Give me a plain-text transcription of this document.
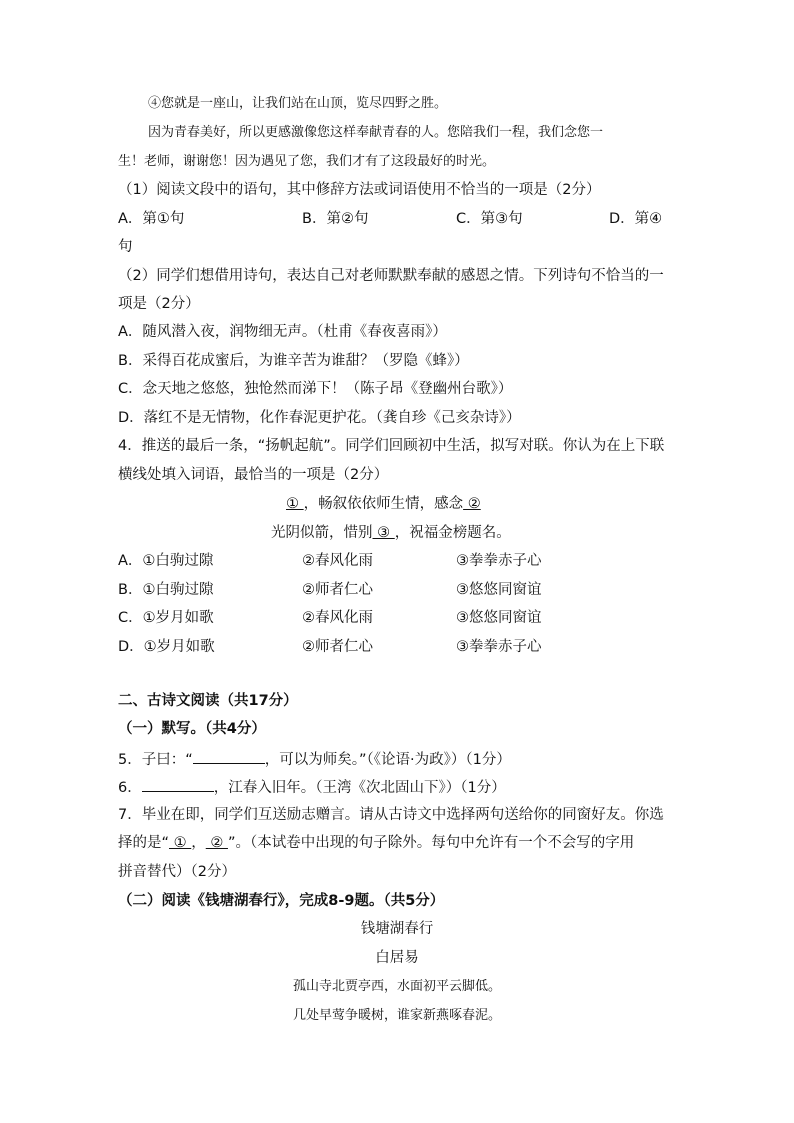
④您就是一座山，让我们站在山顶，览尽四野之胜。
因为青春美好，所以更感激像您这样奉献青春的人。您陪我们一程，我们念您一
生！老师，谢谢您！因为遇见了您，我们才有了这段最好的时光。
（1）阅读文段中的语句，其中修辞方法或词语使用不恰当的一项是（2分）
A．第①句	B．第②句	C．第③句	D．第④
句
（2）同学们想借用诗句，表达自己对老师默默奉献的感恩之情。下列诗句不恰当的一
项是（2分）
A．随风潜入夜，润物细无声。（杜甫《春夜喜雨》）
B．采得百花成蜜后，为谁辛苦为谁甜？（罗隐《蜂》）
C．念天地之悠悠，独怆然而涕下！（陈子昂《登幽州台歌》）
D．落红不是无情物，化作春泥更护花。（龚自珍《己亥杂诗》）
4．推送的最后一条，“扬帆起航”。同学们回顾初中生活，拟写对联。你认为在上下联
横线处填入词语，最恰当的一项是（2分）
① ，畅叙依依师生情，感念 ②
光阴似箭，惜别 ③ ，祝福金榜题名。
A．①白驹过隙	②春风化雨	③拳拳赤子心
B．①白驹过隙	②师者仁心	③悠悠同窗谊
C．①岁月如歌	②春风化雨	③悠悠同窗谊
D．①岁月如歌	②师者仁心	③拳拳赤子心
二、古诗文阅读（共17分）
（一）默写。（共4分）
5．子曰：“	，可以为师矣。”（《论语·为政》）（1分）
6．	，江春入旧年。（王湾《次北固山下》）（1分）
7．毕业在即，同学们互送励志赠言。请从古诗文中选择两句送给你的同窗好友。你选
择的是“ ① ， ② ”。（本试卷中出现的句子除外。每句中允许有一个不会写的字用
拼音替代）（2分）
（二）阅读《钱塘湖春行》，完成8-9题。（共5分）
钱塘湖春行
白居易
孤山寺北贾亭西，水面初平云脚低。
几处早莺争暖树，谁家新燕啄春泥。
